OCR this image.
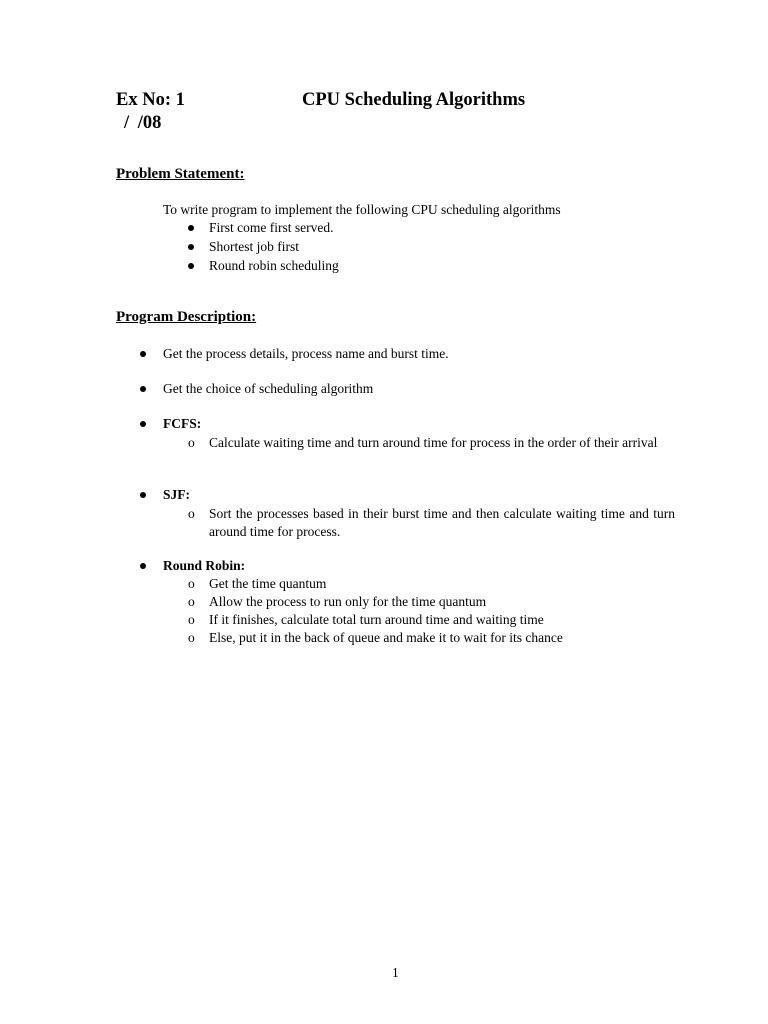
Ex No: 1	CPU Scheduling Algorithms
/ /08
Problem Statement:
To write program to implement the following CPU scheduling algorithms
First come first served.
Shortest job first
Round robin scheduling
Program Description:
Get the process details, process name and burst time.
Get the choice of scheduling algorithm
FCFS:
o Calculate waiting time and turn around time for process in the order of their arrival
SJF:
o Sort the processes based in their burst time and then calculate waiting time and turn around time for process.
Round Robin:
o Get the time quantum
o Allow the process to run only for the time quantum
o If it finishes, calculate total turn around time and waiting time
o Else, put it in the back of queue and make it to wait for its chance
1
